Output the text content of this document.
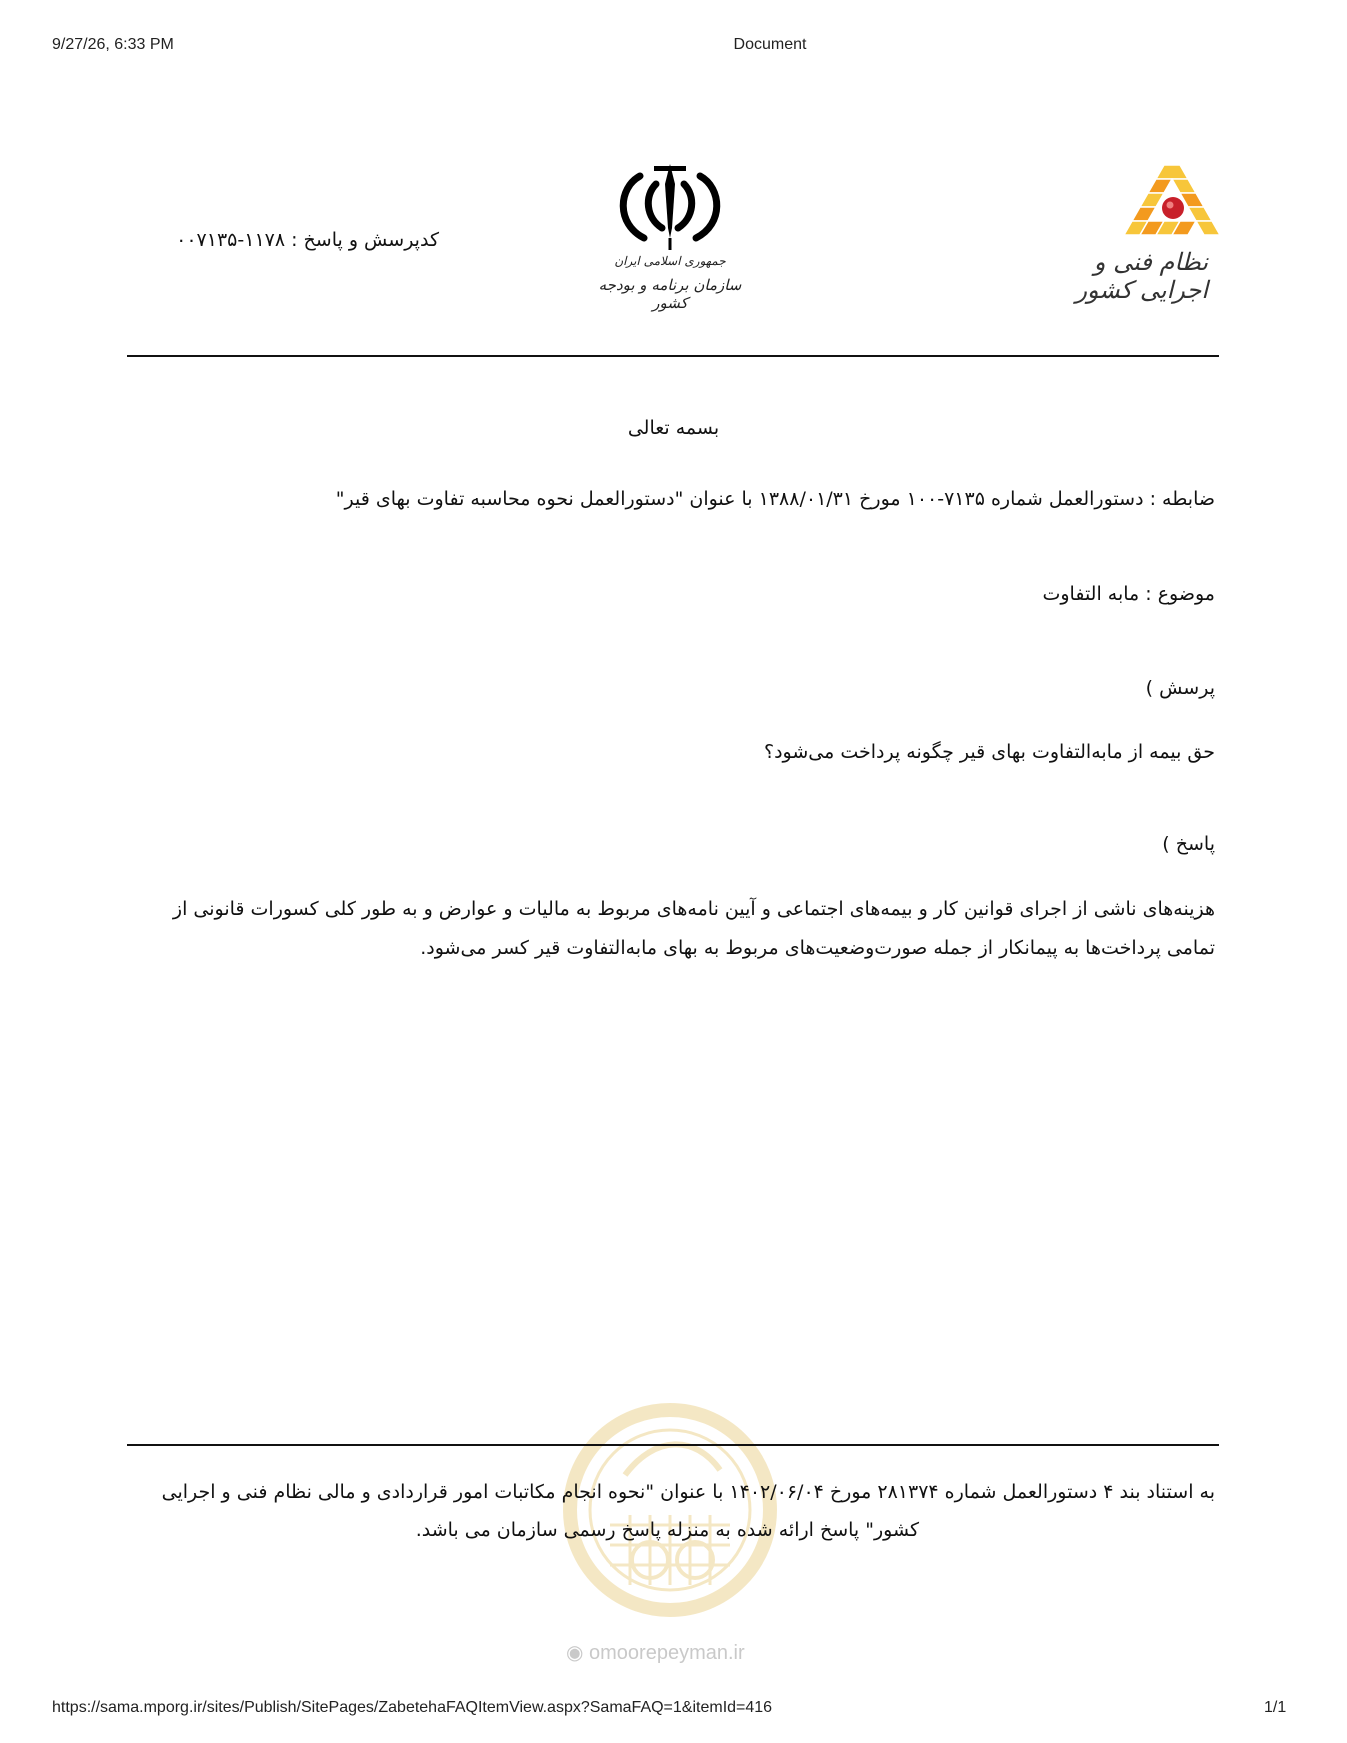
9/27/26, 6:33 PM	Document
کدپرسش و پاسخ : ۱۱۷۸-۰۰۷۱۳۵
جمهوری اسلامی ایران
سازمان برنامه و بودجه کشور
نظام فنی و اجرایی کشور
بسمه تعالی
ضابطه : دستورالعمل شماره ۷۱۳۵-۱۰۰ مورخ ۱۳۸۸/۰۱/۳۱ با عنوان "دستورالعمل نحوه محاسبه تفاوت بهای قیر"
موضوع : مابه التفاوت
پرسش )
حق بیمه از مابه‌التفاوت بهای قیر چگونه پرداخت می‌شود؟
پاسخ )
هزینه‌های ناشی از اجرای قوانین کار و بیمه‌های اجتماعی و آیین نامه‌های مربوط به مالیات و عوارض و به طور کلی کسورات قانونی از
تمامی پرداخت‌ها به پیمانکار از جمله صورت‌وضعیت‌های مربوط به بهای مابه‌التفاوت قیر کسر می‌شود.
◉ omoorepeyman.ir
به استناد بند ۴ دستورالعمل شماره ۲۸۱۳۷۴ مورخ ۱۴۰۲/۰۶/۰۴ با عنوان "نحوه انجام مکاتبات امور قراردادی و مالی نظام فنی و اجرایی
کشور" پاسخ ارائه شده به منزله پاسخ رسمی سازمان می باشد.
https://sama.mporg.ir/sites/Publish/SitePages/ZabetehaFAQItemView.aspx?SamaFAQ=1&itemId=416	1/1
